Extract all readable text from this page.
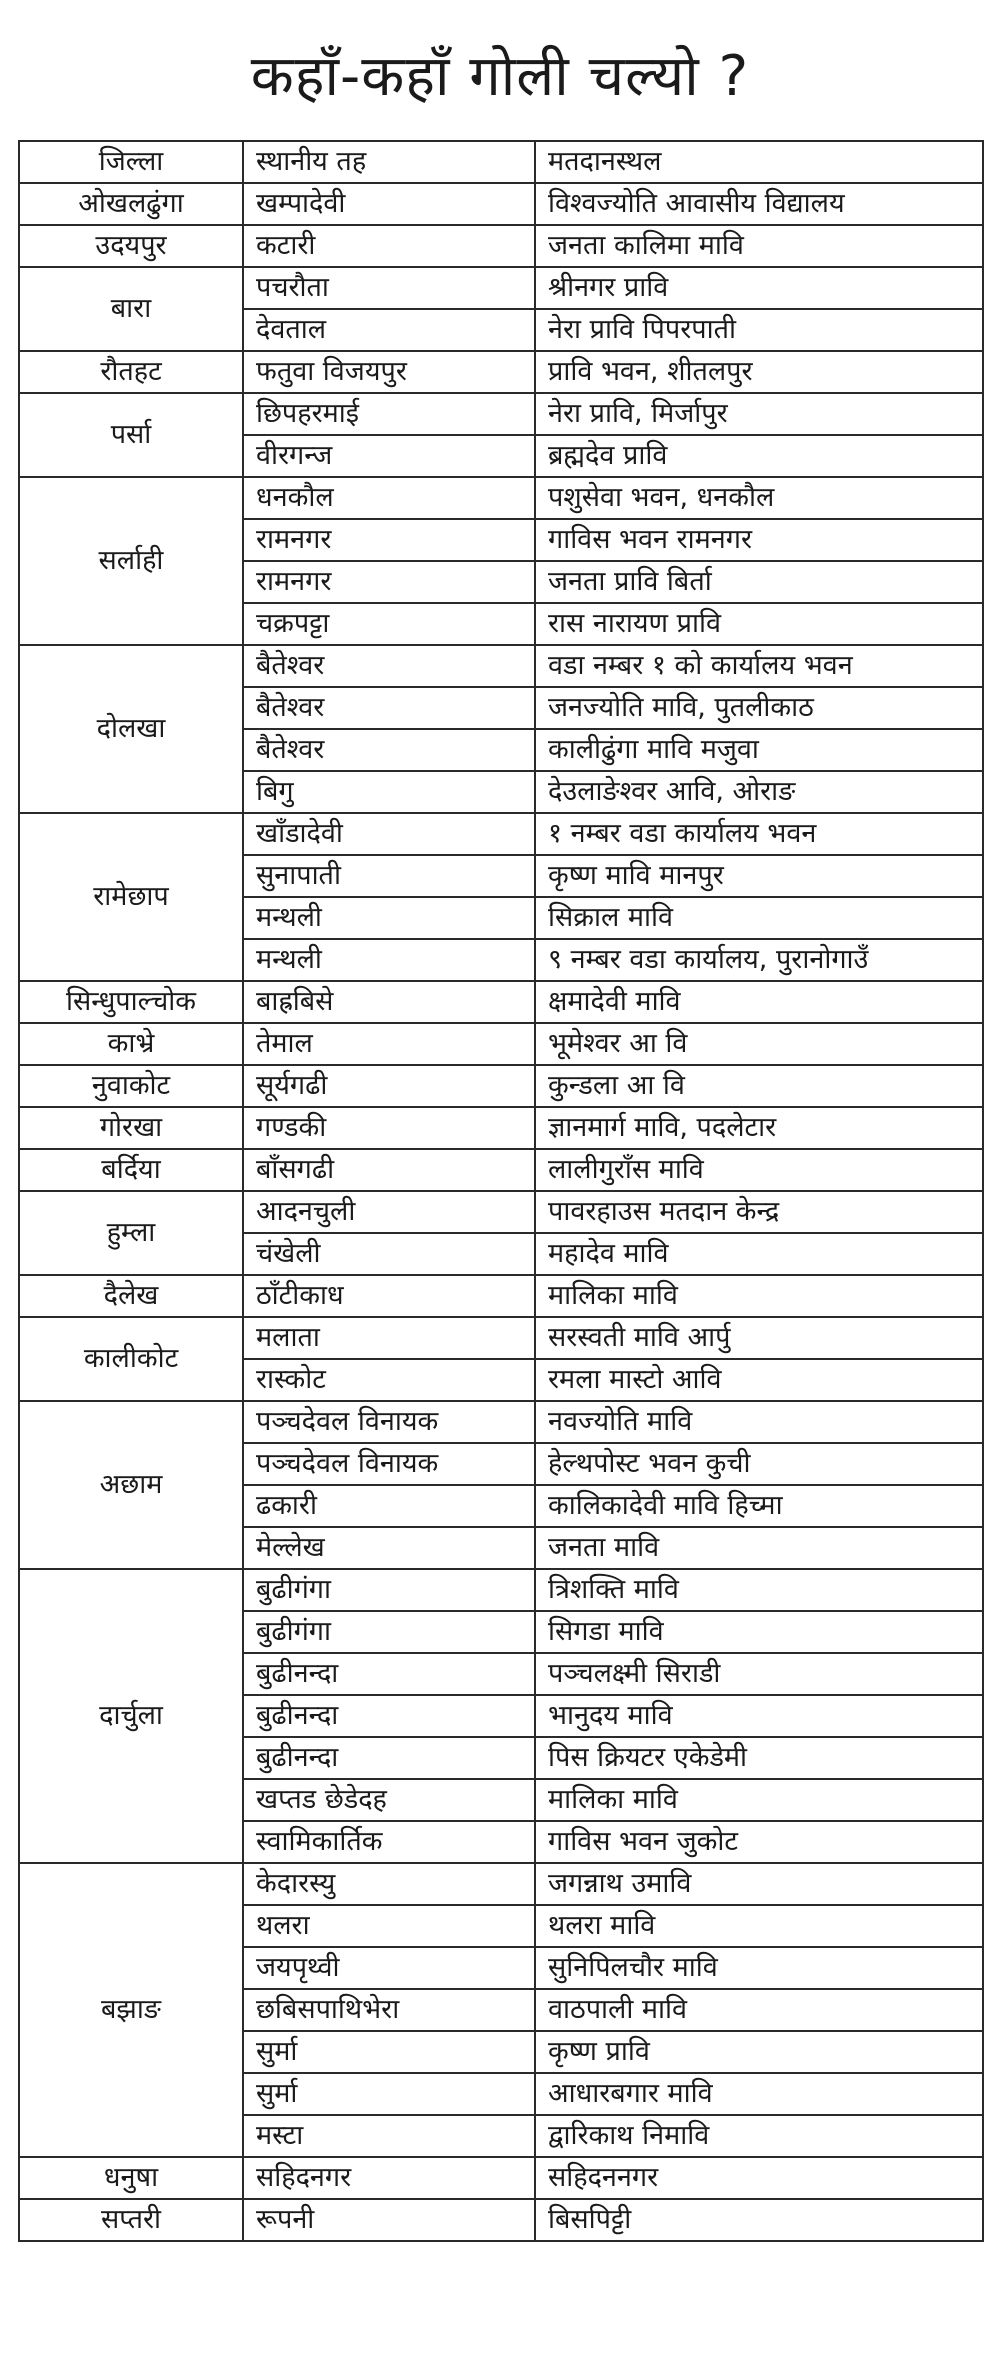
कहाँ-कहाँ गोली चल्यो ?
जिल्ला	स्थानीय तह	मतदानस्थल
ओखलढुंगा	खम्पादेवी	विश्वज्योति आवासीय विद्यालय
उदयपुर	कटारी	जनता कालिमा मावि
बारा	पचरौता	श्रीनगर प्रावि
	देवताल	नेरा प्रावि पिपरपाती
रौतहट	फतुवा विजयपुर	प्रावि भवन, शीतलपुर
पर्सा	छिपहरमाई	नेरा प्रावि, मिर्जापुर
	वीरगन्ज	ब्रह्मदेव प्रावि
सर्लाही	धनकौल	पशुसेवा भवन, धनकौल
	रामनगर	गाविस भवन रामनगर
	रामनगर	जनता प्रावि बिर्ता
	चक्रपट्टा	रास नारायण प्रावि
दोलखा	बैतेश्वर	वडा नम्बर १ को कार्यालय भवन
	बैतेश्वर	जनज्योति मावि, पुतलीकाठ
	बैतेश्वर	कालीढुंगा मावि मजुवा
	बिगु	देउलाङेश्वर आवि, ओराङ
रामेछाप	खाँडादेवी	१ नम्बर वडा कार्यालय भवन
	सुनापाती	कृष्ण मावि मानपुर
	मन्थली	सिक्राल मावि
	मन्थली	९ नम्बर वडा कार्यालय, पुरानोगाउँ
सिन्धुपाल्चोक	बाह्रबिसे	क्षमादेवी मावि
काभ्रे	तेमाल	भूमेश्वर आ वि
नुवाकोट	सूर्यगढी	कुन्डला आ वि
गोरखा	गण्डकी	ज्ञानमार्ग मावि, पदलेटार
बर्दिया	बाँसगढी	लालीगुराँस मावि
हुम्ला	आदनचुली	पावरहाउस मतदान केन्द्र
	चंखेली	महादेव मावि
दैलेख	ठाँटीकाध	मालिका मावि
कालीकोट	मलाता	सरस्वती मावि आर्पु
	रास्कोट	रमला मास्टो आवि
अछाम	पञ्चदेवल विनायक	नवज्योति मावि
	पञ्चदेवल विनायक	हेल्थपोस्ट भवन कुची
	ढकारी	कालिकादेवी मावि हिच्मा
	मेल्लेख	जनता मावि
दार्चुला	बुढीगंगा	त्रिशक्ति मावि
	बुढीगंगा	सिगडा मावि
	बुढीनन्दा	पञ्चलक्ष्मी सिराडी
	बुढीनन्दा	भानुदय मावि
	बुढीनन्दा	पिस क्रियटर एकेडेमी
	खप्तड छेडेदह	मालिका मावि
	स्वामिकार्तिक	गाविस भवन जुकोट
बझाङ	केदारस्यु	जगन्नाथ उमावि
	थलरा	थलरा मावि
	जयपृथ्वी	सुनिपिलचौर मावि
	छबिसपाथिभेरा	वाठपाली मावि
	सुर्मा	कृष्ण प्रावि
	सुर्मा	आधारबगार मावि
	मस्टा	द्वारिकाथ निमावि
धनुषा	सहिदनगर	सहिदननगर
सप्तरी	रूपनी	बिसपिट्टी
